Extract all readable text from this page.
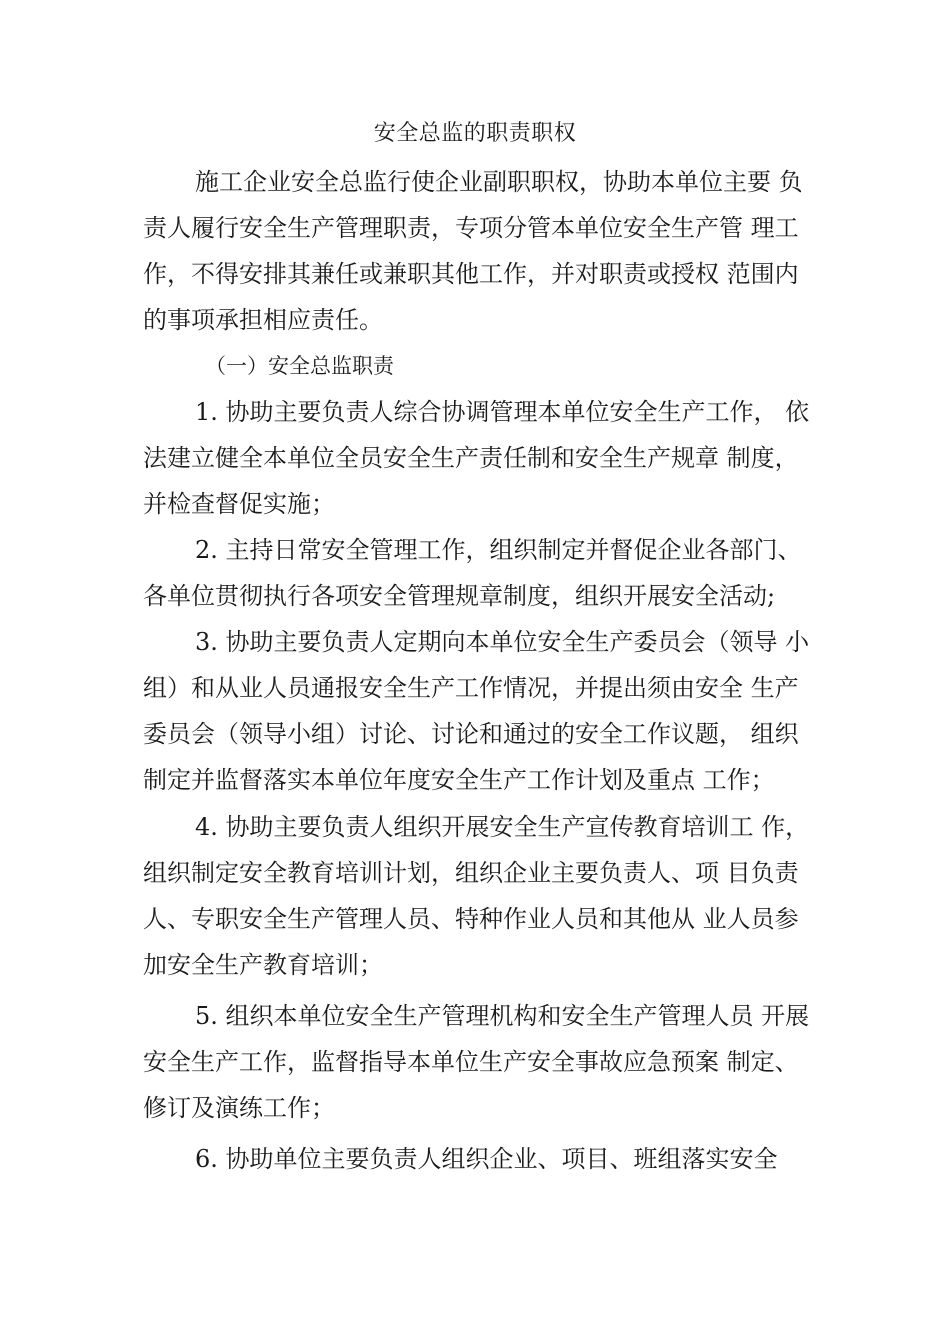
安全总监的职责职权
施工企业安全总监行使企业副职职权，协助本单位主要 负
责人履行安全生产管理职责，专项分管本单位安全生产管 理工
作，不得安排其兼任或兼职其他工作，并对职责或授权 范围内
的事项承担相应责任。
（一）安全总监职责
1. 协助主要负责人综合协调管理本单位安全生产工作， 依
法建立健全本单位全员安全生产责任制和安全生产规章 制度，
并检查督促实施；
2. 主持日常安全管理工作，组织制定并督促企业各部门、
各单位贯彻执行各项安全管理规章制度，组织开展安全活动;
3. 协助主要负责人定期向本单位安全生产委员会（领导 小
组）和从业人员通报安全生产工作情况，并提出须由安全 生产
委员会（领导小组）讨论、讨论和通过的安全工作议题， 组织
制定并监督落实本单位年度安全生产工作计划及重点 工作；
4. 协助主要负责人组织开展安全生产宣传教育培训工 作，
组织制定安全教育培训计划，组织企业主要负责人、项 目负责
人、专职安全生产管理人员、特种作业人员和其他从 业人员参
加安全生产教育培训；
5. 组织本单位安全生产管理机构和安全生产管理人员 开展
安全生产工作，监督指导本单位生产安全事故应急预案 制定、
修订及演练工作；
6. 协助单位主要负责人组织企业、项目、班组落实安全
